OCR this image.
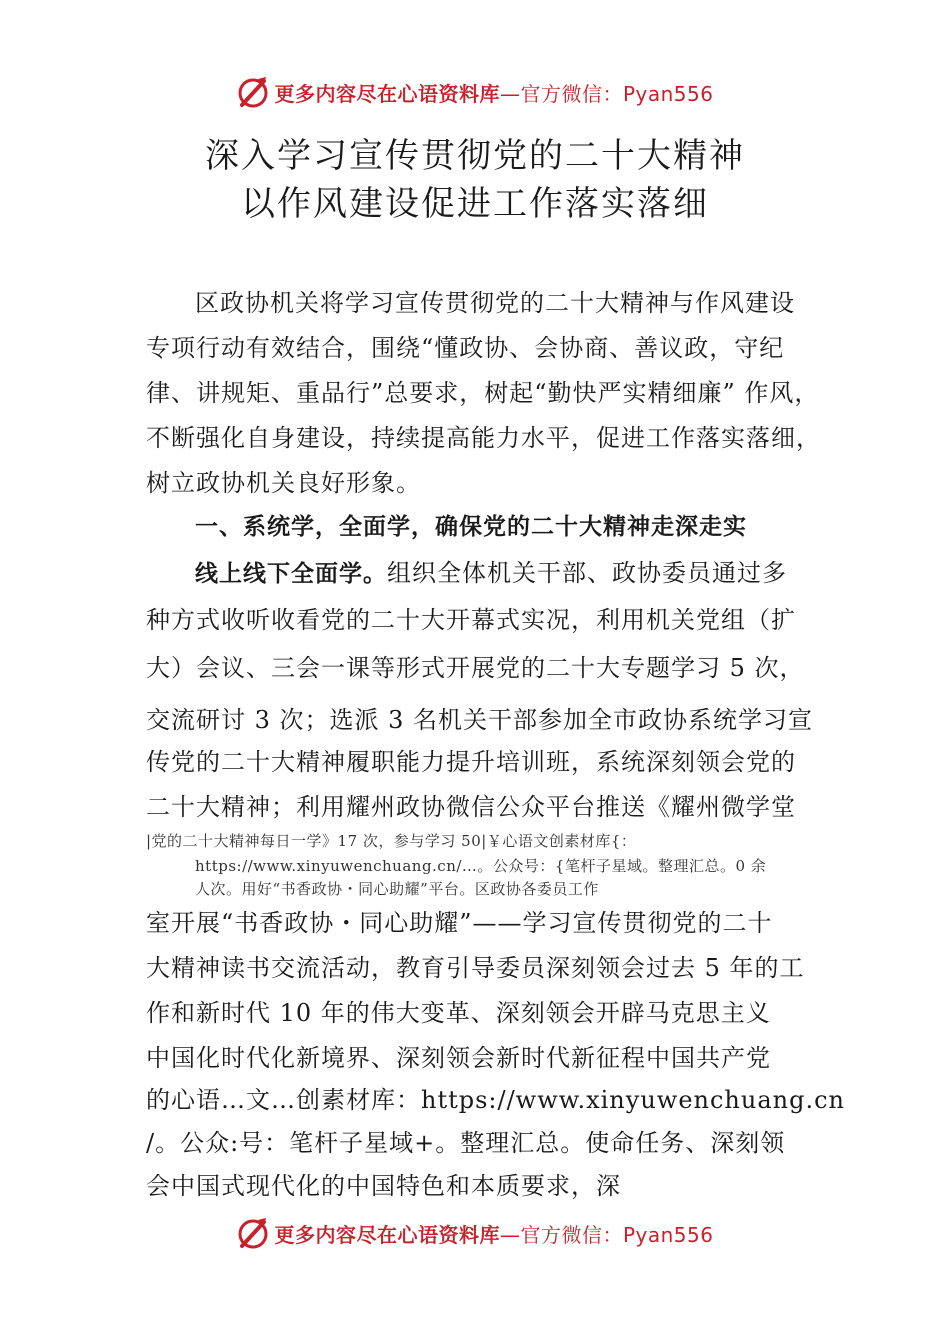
更多内容尽在心语资料库—官方微信：Pyan556
深入学习宣传贯彻党的二十大精神
以作风建设促进工作落实落细
区政协机关将学习宣传贯彻党的二十大精神与作风建设
专项行动有效结合，围绕“懂政协、会协商、善议政，守纪
律、讲规矩、重品行”总要求，树起“勤快严实精细廉” 作风，
不断强化自身建设，持续提高能力水平，促进工作落实落细，
树立政协机关良好形象。
一、系统学，全面学，确保党的二十大精神走深走实
线上线下全面学。组织全体机关干部、政协委员通过多
种方式收听收看党的二十大开幕式实况，利用机关党组（扩
大）会议、三会一课等形式开展党的二十大专题学习 5 次，
交流研讨 3 次；选派 3 名机关干部参加全市政协系统学习宣
传党的二十大精神履职能力提升培训班，系统深刻领会党的
二十大精神；利用耀州政协微信公众平台推送《耀州微学堂
|党的二十大精神每日一学》17 次，参与学习 50|￥心语文创素材库{：
https://www.xinyuwenchuang.cn/…。公众号：{笔杆子星域。整理汇总。0 余
人次。用好“书香政协・同心助耀”平台。区政协各委员工作
室开展“书香政协・同心助耀”——学习宣传贯彻党的二十
大精神读书交流活动，教育引导委员深刻领会过去 5 年的工
作和新时代 10 年的伟大变革、深刻领会开辟马克思主义
中国化时代化新境界、深刻领会新时代新征程中国共产党
的心语…文…创素材库：https://www.xinyuwenchuang.cn
/。公众:号：笔杆子星域+。整理汇总。使命任务、深刻领
会中国式现代化的中国特色和本质要求，深
更多内容尽在心语资料库—官方微信：Pyan556
